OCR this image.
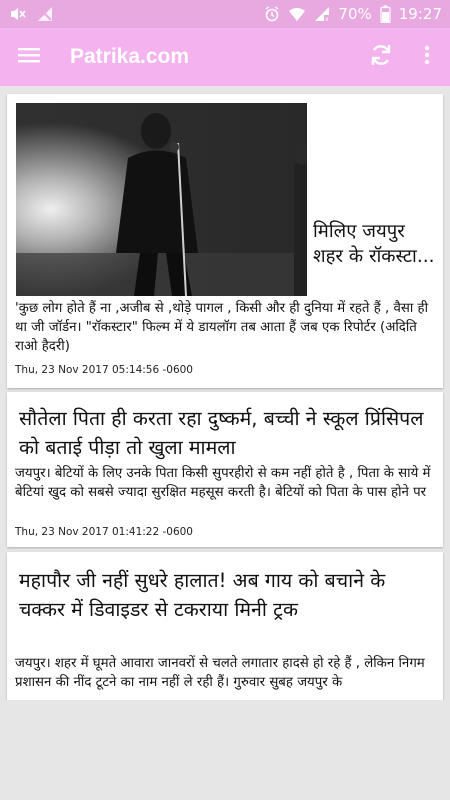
x 70% 19:27
Patrika.com
मिलिए जयपुर शहर के रॉकस्टा...
'कुछ लोग होते हैं ना ,अजीब से ,थोड़े पागल , किसी और ही दुनिया में रहते हैं , वैसा ही था जी जॉर्डन। "रॉकस्टार" फिल्म में ये डायलॉग तब आता हैं जब एक रिपोर्टर (अदिति राओ हैदरी)
Thu, 23 Nov 2017 05:14:56 -0600
सौतेला पिता ही करता रहा दुष्कर्म, बच्ची ने स्कूल प्रिंसिपल को बताई पीड़ा तो खुला मामला
जयपुर। बेटियों के लिए उनके पिता किसी सुपरहीरो से कम नहीं होते है , पिता के साये में बेटियां खुद को सबसे ज्यादा सुरक्षित महसूस करती है। बेटियों को पिता के पास होने पर
Thu, 23 Nov 2017 01:41:22 -0600
महापौर जी नहीं सुधरे हालात! अब गाय को बचाने के चक्कर में डिवाइडर से टकराया मिनी ट्रक
जयपुर। शहर में घूमते आवारा जानवरों से चलते लगातार हादसे हो रहे हैं , लेकिन निगम प्रशासन की नींद टूटने का नाम नहीं ले रही हैं। गुरुवार सुबह जयपुर के
